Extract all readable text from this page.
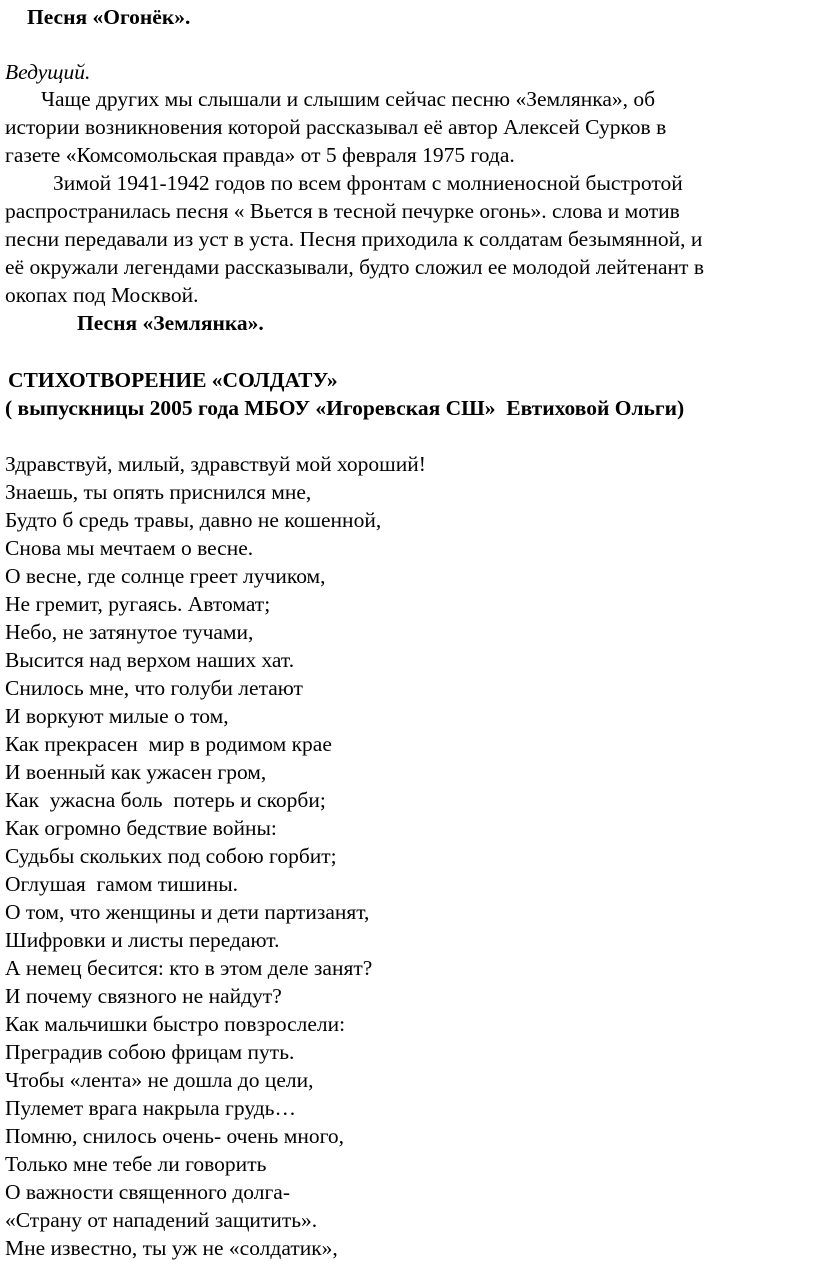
Песня «Огонёк».
Ведущий.
Чаще других мы слышали и слышим сейчас песню «Землянка», об
истории возникновения которой рассказывал её автор Алексей Сурков в
газете «Комсомольская правда» от 5 февраля 1975 года.
Зимой 1941-1942 годов по всем фронтам с молниеносной быстротой
распространилась песня « Вьется в тесной печурке огонь». слова и мотив
песни передавали из уст в уста. Песня приходила к солдатам безымянной, и
её окружали легендами рассказывали, будто сложил ее молодой лейтенант в
окопах под Москвой.
Песня «Землянка».
СТИХОТВОРЕНИЕ «СОЛДАТУ»
( выпускницы 2005 года МБОУ «Игоревская СШ»  Евтиховой Ольги)
Здравствуй, милый, здравствуй мой хороший!
Знаешь, ты опять приснился мне,
Будто б средь травы, давно не кошенной,
Снова мы мечтаем о весне.
О весне, где солнце греет лучиком,
Не гремит, ругаясь. Автомат;
Небо, не затянутое тучами,
Высится над верхом наших хат.
Снилось мне, что голуби летают
И воркуют милые о том,
Как прекрасен  мир в родимом крае
И военный как ужасен гром,
Как  ужасна боль  потерь и скорби;
Как огромно бедствие войны:
Судьбы скольких под собою горбит;
Оглушая  гамом тишины.
О том, что женщины и дети партизанят,
Шифровки и листы передают.
А немец бесится: кто в этом деле занят?
И почему связного не найдут?
Как мальчишки быстро повзрослели:
Преградив собою фрицам путь.
Чтобы «лента» не дошла до цели,
Пулемет врага накрыла грудь…
Помню, снилось очень- очень много,
Только мне тебе ли говорить
О важности священного долга-
«Страну от нападений защитить».
Мне известно, ты уж не «солдатик»,
